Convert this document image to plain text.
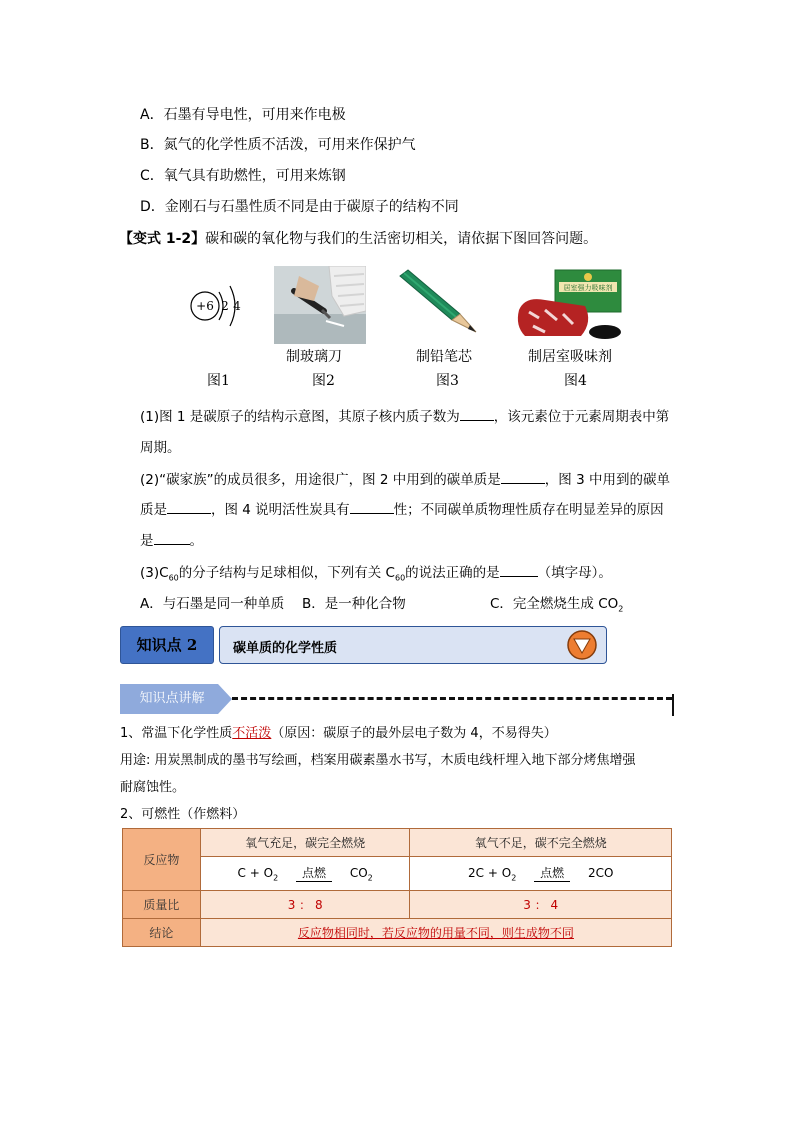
A．石墨有导电性，可用来作电极
B．氮气的化学性质不活泼，可用来作保护气
C．氧气具有助燃性，可用来炼钢
D．金刚石与石墨性质不同是由于碳原子的结构不同
【变式 1-2】碳和碳的氧化物与我们的生活密切相关，请依据下图回答问题。
+6 2 4
居室强力吸味剂
制玻璃刀	制铅笔芯	制居室吸味剂
图1	图2	图3	图4
(1)图 1 是碳原子的结构示意图，其原子核内质子数为	，该元素位于元素周期表中第
周期。
(2)“碳家族”的成员很多，用途很广，图 2 中用到的碳单质是	，图 3 中用到的碳单
质是	，图 4 说明活性炭具有	性；不同碳单质物理性质存在明显差异的原因
是	。
$(3)C_{60}$的分子结构与足球相似，下列有关 $C_{60}$的说法正确的是	（填字母）。
A．与石墨是同一种单质 B．是一种化合物	C．完全燃烧生成 $CO_2$
知识点 2	碳单质的化学性质
知识点讲解
1、常温下化学性质不活泼（原因：碳原子的最外层电子数为 4，不易得失）
用途: 用炭黑制成的墨书写绘画，档案用碳素墨水书写，木质电线杆埋入地下部分烤焦增强
耐腐蚀性。
2、可燃性（作燃料）
反应物	氧气充足，碳完全燃烧	氧气不足，碳不完全燃烧
	$C + O_2$ 点燃 $CO_2$	$2C + O_2$ 点燃 2CO
质量比	3 ： 8	3 ： 4
结论	反应物相同时，若反应物的用量不同，则生成物不同	
